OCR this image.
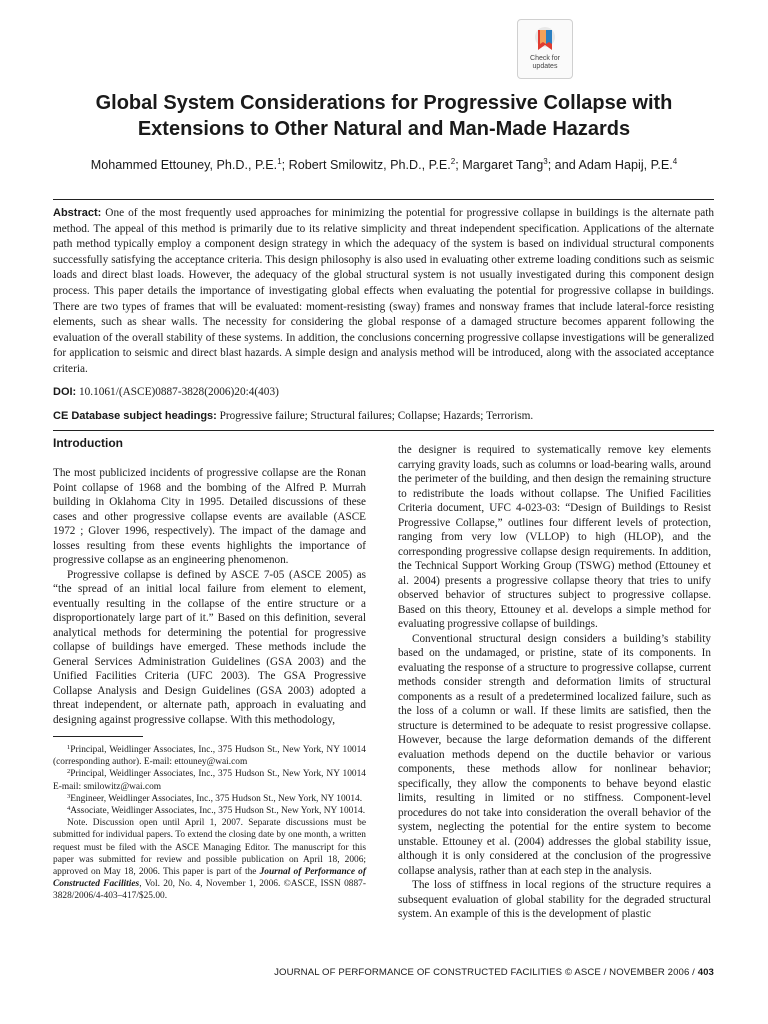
Check for
updates
Global System Considerations for Progressive Collapse with Extensions to Other Natural and Man-Made Hazards
Mohammed Ettouney, Ph.D., P.E.$^1$; Robert Smilowitz, Ph.D., P.E.$^2$; Margaret Tang$^3$; and Adam Hapij, P.E.$^4$

Abstract: One of the most frequently used approaches for minimizing the potential for progressive collapse in buildings is the alternate path method. The appeal of this method is primarily due to its relative simplicity and threat independent specification. Applications of the alternate path method typically employ a component design strategy in which the adequacy of the system is based on individual structural components successfully satisfying the acceptance criteria. This design philosophy is also used in evaluating other extreme loading conditions such as seismic loads and direct blast loads. However, the adequacy of the global structural system is not usually investigated during this component design process. This paper details the importance of investigating global effects when evaluating the potential for progressive collapse in buildings. There are two types of frames that will be evaluated: moment-resisting (sway) frames and nonsway frames that include lateral-force resisting elements, such as shear walls. The necessity for considering the global response of a damaged structure becomes apparent following the evaluation of the overall stability of these systems. In addition, the conclusions concerning progressive collapse investigations will be generalized for application to seismic and direct blast hazards. A simple design and analysis method will be introduced, along with the associated acceptance criteria.

DOI: 10.1061/(ASCE)0887-3828(2006)20:4(403)
CE Database subject headings: Progressive failure; Structural failures; Collapse; Hazards; Terrorism.
Introduction

The most publicized incidents of progressive collapse are the Ronan Point collapse of 1968 and the bombing of the Alfred P. Murrah building in Oklahoma City in 1995. Detailed discussions of these cases and other progressive collapse events are available (ASCE 1972 ; Glover 1996, respectively). The impact of the damage and losses resulting from these events highlights the importance of progressive collapse as an engineering phenomenon.

Progressive collapse is defined by ASCE 7-05 (ASCE 2005) as “the spread of an initial local failure from element to element, eventually resulting in the collapse of the entire structure or a disproportionately large part of it.” Based on this definition, several analytical methods for determining the potential for progressive collapse of buildings have emerged. These methods include the General Services Administration Guidelines (GSA 2003) and the Unified Facilities Criteria (UFC 2003). The GSA Progressive Collapse Analysis and Design Guidelines (GSA 2003) adopted a threat independent, or alternate path, approach in evaluating and designing against progressive collapse. With this methodology,

$^1$Principal, Weidlinger Associates, Inc., 375 Hudson St., New York, NY 10014 (corresponding author). E-mail: ettouney@wai.com

$^2$Principal, Weidlinger Associates, Inc., 375 Hudson St., New York, NY 10014 E-mail: smilowitz@wai.com

$^3$Engineer, Weidlinger Associates, Inc., 375 Hudson St., New York, NY 10014.

$^4$Associate, Weidlinger Associates, Inc., 375 Hudson St., New York, NY 10014.

Note. Discussion open until April 1, 2007. Separate discussions must be submitted for individual papers. To extend the closing date by one month, a written request must be filed with the ASCE Managing Editor. The manuscript for this paper was submitted for review and possible publication on April 18, 2006; approved on May 18, 2006. This paper is part of the Journal of Performance of Constructed Facilities, Vol. 20, No. 4, November 1, 2006. ©ASCE, ISSN 0887-3828/2006/4-403–417/$25.00.

the designer is required to systematically remove key elements carrying gravity loads, such as columns or load-bearing walls, around the perimeter of the building, and then design the remaining structure to redistribute the loads without collapse. The Unified Facilities Criteria document, UFC 4-023-03: “Design of Buildings to Resist Progressive Collapse,” outlines four different levels of protection, ranging from very low (VLLOP) to high (HLOP), and the corresponding progressive collapse design requirements. In addition, the Technical Support Working Group (TSWG) method (Ettouney et al. 2004) presents a progressive collapse theory that tries to unify observed behavior of structures subject to progressive collapse. Based on this theory, Ettouney et al. develops a simple method for evaluating progressive collapse of buildings.

Conventional structural design considers a building’s stability based on the undamaged, or pristine, state of its components. In evaluating the response of a structure to progressive collapse, current methods consider strength and deformation limits of structural components as a result of a predetermined localized failure, such as the loss of a column or wall. If these limits are satisfied, then the structure is determined to be adequate to resist progressive collapse. However, because the large deformation demands of the different evaluation methods depend on the ductile behavior or various components, these methods allow for nonlinear behavior; specifically, they allow the components to behave beyond elastic limits, resulting in limited or no stiffness. Component-level procedures do not take into consideration the overall behavior of the system, neglecting the potential for the entire system to become unstable. Ettouney et al. (2004) addresses the global stability issue, although it is only considered at the conclusion of the progressive collapse analysis, rather than at each step in the analysis.

The loss of stiffness in local regions of the structure requires a subsequent evaluation of global stability for the degraded structural system. An example of this is the development of plastic

JOURNAL OF PERFORMANCE OF CONSTRUCTED FACILITIES © ASCE / NOVEMBER 2006 / 403
